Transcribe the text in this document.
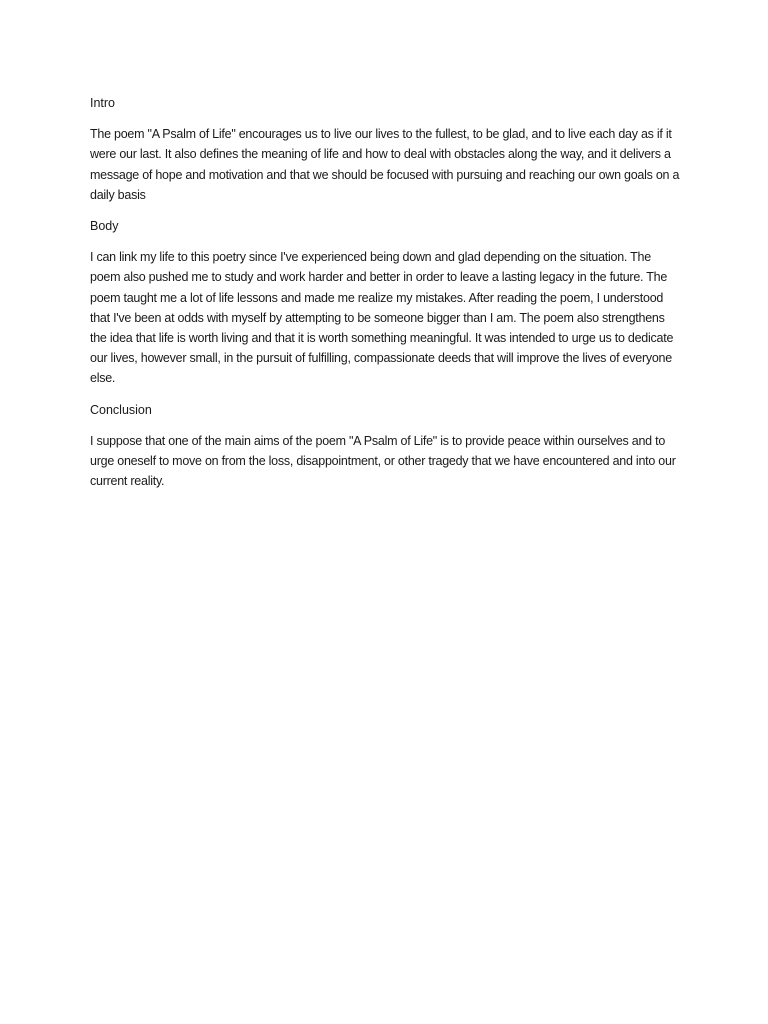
Intro

The poem "A Psalm of Life" encourages us to live our lives to the fullest, to be glad, and to live each day as if it were our last. It also defines the meaning of life and how to deal with obstacles along the way, and it delivers a message of hope and motivation and that we should be focused with pursuing and reaching our own goals on a daily basis

Body

I can link my life to this poetry since I've experienced being down and glad depending on the situation. The poem also pushed me to study and work harder and better in order to leave a lasting legacy in the future. The poem taught me a lot of life lessons and made me realize my mistakes. After reading the poem, I understood that I've been at odds with myself by attempting to be someone bigger than I am. The poem also strengthens the idea that life is worth living and that it is worth something meaningful. It was intended to urge us to dedicate our lives, however small, in the pursuit of fulfilling, compassionate deeds that will improve the lives of everyone else.

Conclusion

I suppose that one of the main aims of the poem "A Psalm of Life" is to provide peace within ourselves and to urge oneself to move on from the loss, disappointment, or other tragedy that we have encountered and into our current reality.
